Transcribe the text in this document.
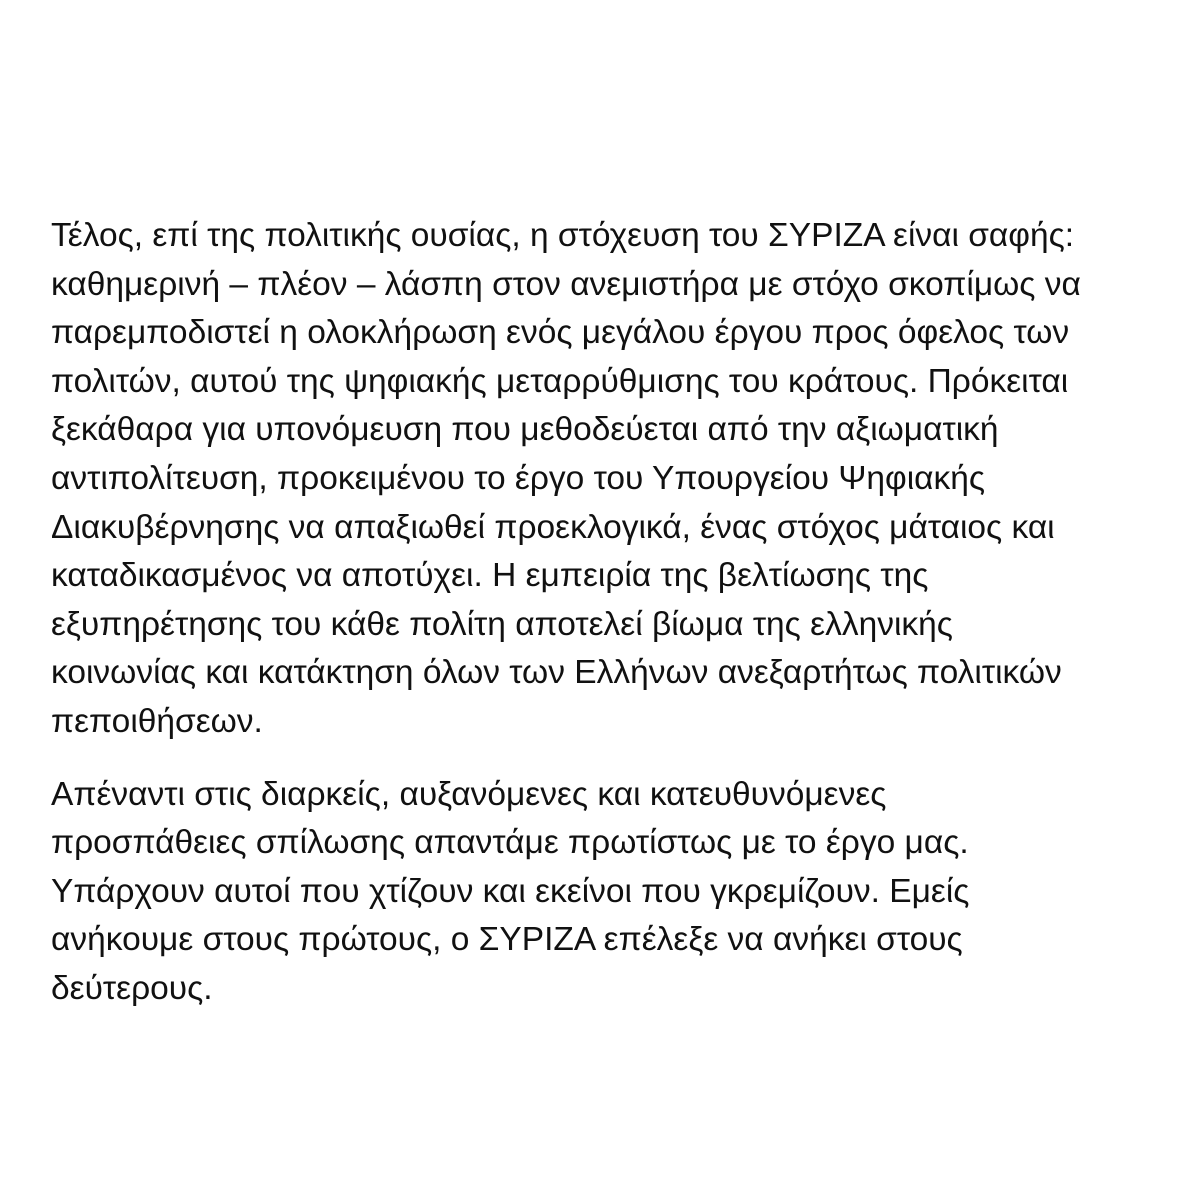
Τέλος, επί της πολιτικής ουσίας, η στόχευση του ΣΥΡΙΖΑ είναι σαφής:
καθημερινή – πλέον – λάσπη στον ανεμιστήρα με στόχο σκοπίμως να
παρεμποδιστεί η ολοκλήρωση ενός μεγάλου έργου προς όφελος των
πολιτών, αυτού της ψηφιακής μεταρρύθμισης του κράτους. Πρόκειται
ξεκάθαρα για υπονόμευση που μεθοδεύεται από την αξιωματική
αντιπολίτευση, προκειμένου το έργο του Υπουργείου Ψηφιακής
Διακυβέρνησης να απαξιωθεί προεκλογικά, ένας στόχος μάταιος και
καταδικασμένος να αποτύχει. Η εμπειρία της βελτίωσης της
εξυπηρέτησης του κάθε πολίτη αποτελεί βίωμα της ελληνικής
κοινωνίας και κατάκτηση όλων των Ελλήνων ανεξαρτήτως πολιτικών
πεποιθήσεων.

Απέναντι στις διαρκείς, αυξανόμενες και κατευθυνόμενες
προσπάθειες σπίλωσης απαντάμε πρωτίστως με το έργο μας.
Υπάρχουν αυτοί που χτίζουν και εκείνοι που γκρεμίζουν. Εμείς
ανήκουμε στους πρώτους, ο ΣΥΡΙΖΑ επέλεξε να ανήκει στους
δεύτερους.
